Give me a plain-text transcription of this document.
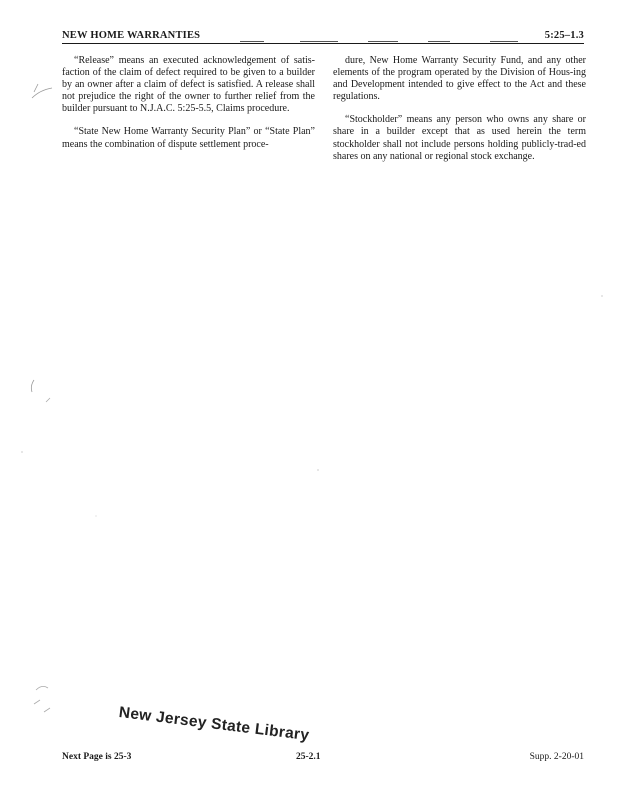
NEW HOME WARRANTIES	5:25–1.3

“Release” means an executed acknowledgement of satis-faction of the claim of defect required to be given to a builder by an owner after a claim of defect is satisfied. A release shall not prejudice the right of the owner to further relief from the builder pursuant to N.J.A.C. 5:25-5.5, Claims procedure.

“State New Home Warranty Security Plan” or “State Plan” means the combination of dispute settlement proce-

dure, New Home Warranty Security Fund, and any other elements of the program operated by the Division of Hous-ing and Development intended to give effect to the Act and these regulations.

“Stockholder” means any person who owns any share or share in a builder except that as used herein the term stockholder shall not include persons holding publicly-trad-ed shares on any national or regional stock exchange.

New Jersey State Library
Next Page is 25-3	25-2.1	Supp. 2-20-01
